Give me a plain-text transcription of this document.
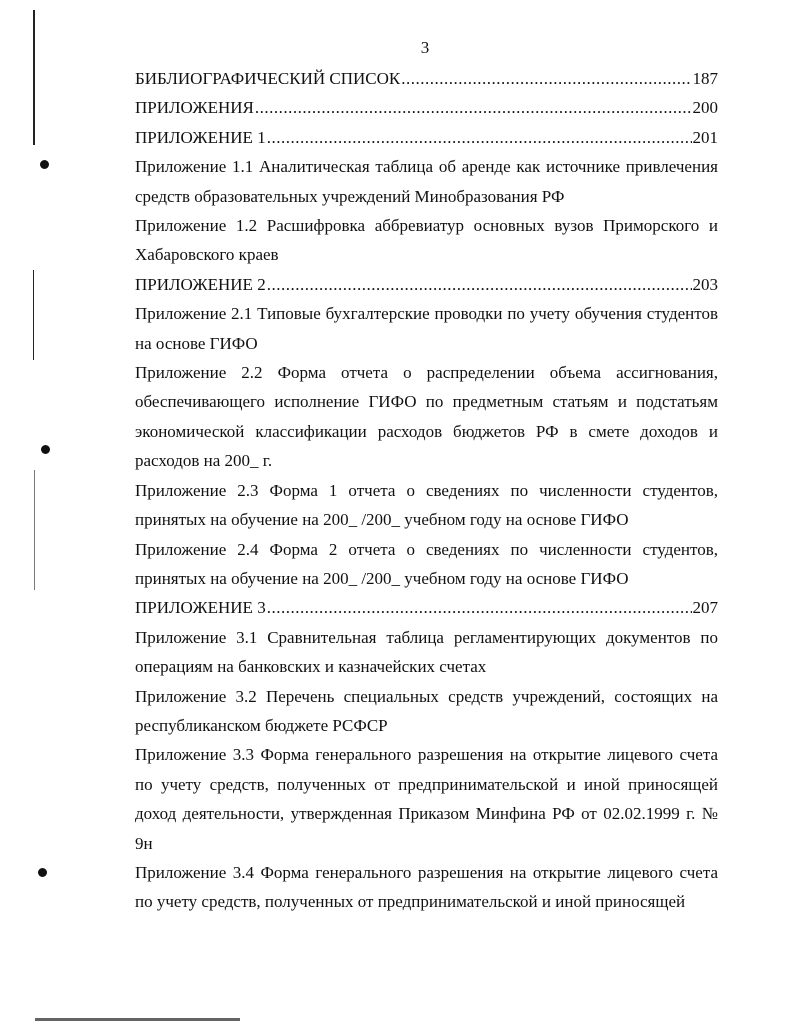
3
БИБЛИОГРАФИЧЕСКИЙ СПИСОК .....	187
ПРИЛОЖЕНИЯ .....	200
ПРИЛОЖЕНИЕ 1 .....	201
Приложение 1.1 Аналитическая таблица об аренде как источнике привлечения средств образовательных учреждений Минобразования РФ
Приложение 1.2 Расшифровка аббревиатур основных вузов Приморского и Хабаровского краев
ПРИЛОЖЕНИЕ 2 .....	203
Приложение 2.1 Типовые бухгалтерские проводки по учету обучения студентов на основе ГИФО
Приложение 2.2 Форма отчета о распределении объема ассигнования, обеспечивающего исполнение ГИФО по предметным статьям и подстатьям экономической классификации расходов бюджетов РФ в смете доходов и расходов на 200_ г.
Приложение 2.3 Форма 1 отчета о сведениях по численности студентов, принятых на обучение на 200_ /200_ учебном году на основе ГИФО
Приложение 2.4 Форма 2 отчета о сведениях по численности студентов, принятых на обучение на 200_ /200_ учебном году на основе ГИФО
ПРИЛОЖЕНИЕ 3 .....	207
Приложение 3.1 Сравнительная таблица регламентирующих документов по операциям на банковских и казначейских счетах
Приложение 3.2 Перечень специальных средств учреждений, состоящих на республиканском бюджете РСФСР
Приложение 3.3 Форма генерального разрешения на открытие лицевого счета по учету средств, полученных от предпринимательской и иной приносящей доход деятельности, утвержденная Приказом Минфина РФ от 02.02.1999 г. № 9н
Приложение 3.4 Форма генерального разрешения на открытие лицевого счета по учету средств, полученных от предпринимательской и иной приносящей
